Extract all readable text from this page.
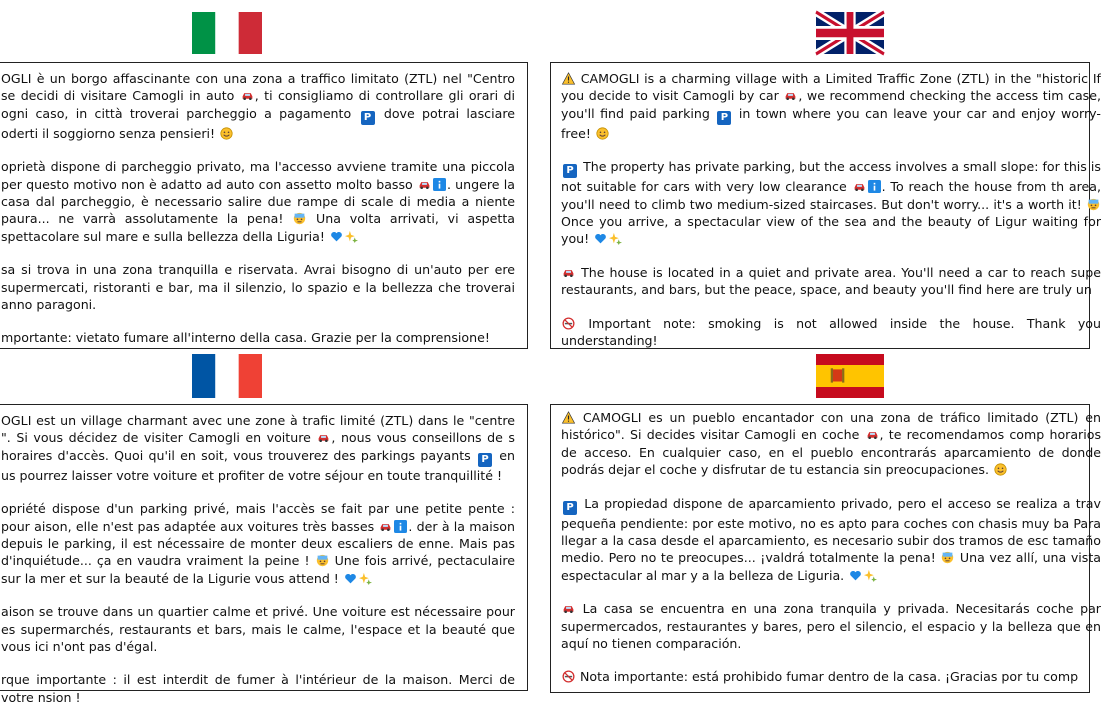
OGLI è un borgo affascinante con una zona a traffico limitato (ZTL) nel "Centro se decidi di visitare Camogli in auto , ti consigliamo di controllare gli orari di ogni caso, in città troverai parcheggio a pagamento P dove potrai lasciare oderti il soggiorno senza pensieri!

oprietà dispone di parcheggio privato, ma l'accesso avviene tramite una piccola per questo motivo non è adatto ad auto con assetto molto basso	. ungere la casa dal parcheggio, è necessario salire due rampe di scale di media a niente paura... ne varrà assolutamente la pena!	Una volta arrivati, vi aspetta spettacolare sul mare e sulla bellezza della Liguria!

sa si trova in una zona tranquilla e riservata. Avrai bisogno di un'auto per ere supermercati, ristoranti e bar, ma il silenzio, lo spazio e la bellezza che troverai anno paragoni.

mportante: vietato fumare all'interno della casa. Grazie per la comprensione!

CAMOGLI is a charming village with a Limited Traffic Zone (ZTL) in the "historic If you decide to visit Camogli by car , we recommend checking the access tim case, you'll find paid parking P in town where you can leave your car and enjoy worry-free!

P The property has private parking, but the access involves a small slope: for this is not suitable for cars with very low clearance	. To reach the house from th area, you'll need to climb two medium-sized staircases. But don't worry... it's a worth it!
Once you arrive, a spectacular view of the sea and the beauty of Ligur waiting for you!

The house is located in a quiet and private area. You'll need a car to reach supe restaurants, and bars, but the peace, space, and beauty you'll find here are truly un

Important note: smoking is not allowed inside the house. Thank you understanding!

OGLI est un village charmant avec une zone à trafic limité (ZTL) dans le "centre ". Si vous décidez de visiter Camogli en voiture , nous vous conseillons de s horaires d'accès. Quoi qu'il en soit, vous trouverez des parkings payants P en us pourrez laisser votre voiture et profiter de votre séjour en toute tranquillité !

opriété dispose d'un parking privé, mais l'accès se fait par une petite pente : pour aison, elle n'est pas adaptée aux voitures très basses	. der à la maison depuis le parking, il est nécessaire de monter deux escaliers de enne. Mais pas d'inquiétude... ça en vaudra vraiment la peine ! Une fois arrivé, pectaculaire sur la mer et sur la beauté de la Ligurie vous attend !

aison se trouve dans un quartier calme et privé. Une voiture est nécessaire pour es supermarchés, restaurants et bars, mais le calme, l'espace et la beauté que vous ici n'ont pas d'égal.

rque importante : il est interdit de fumer à l'intérieur de la maison. Merci de votre nsion !

CAMOGLI es un pueblo encantador con una zona de tráfico limitado (ZTL) en histórico". Si decides visitar Camogli en coche , te recomendamos comp horarios de acceso. En cualquier caso, en el pueblo encontrarás aparcamiento de donde podrás dejar el coche y disfrutar de tu estancia sin preocupaciones.

P La propiedad dispone de aparcamiento privado, pero el acceso se realiza a trav pequeña pendiente: por este motivo, no es apto para coches con chasis muy ba Para llegar a la casa desde el aparcamiento, es necesario subir dos tramos de esc tamaño medio. Pero no te preocupes... ¡valdrá totalmente la pena! Una vez allí, una vista espectacular al mar y a la belleza de Liguria.

La casa se encuentra en una zona tranquila y privada. Necesitarás coche par supermercados, restaurantes y bares, pero el silencio, el espacio y la belleza que en aquí no tienen comparación.

Nota importante: está prohibido fumar dentro de la casa. ¡Gracias por tu comp
